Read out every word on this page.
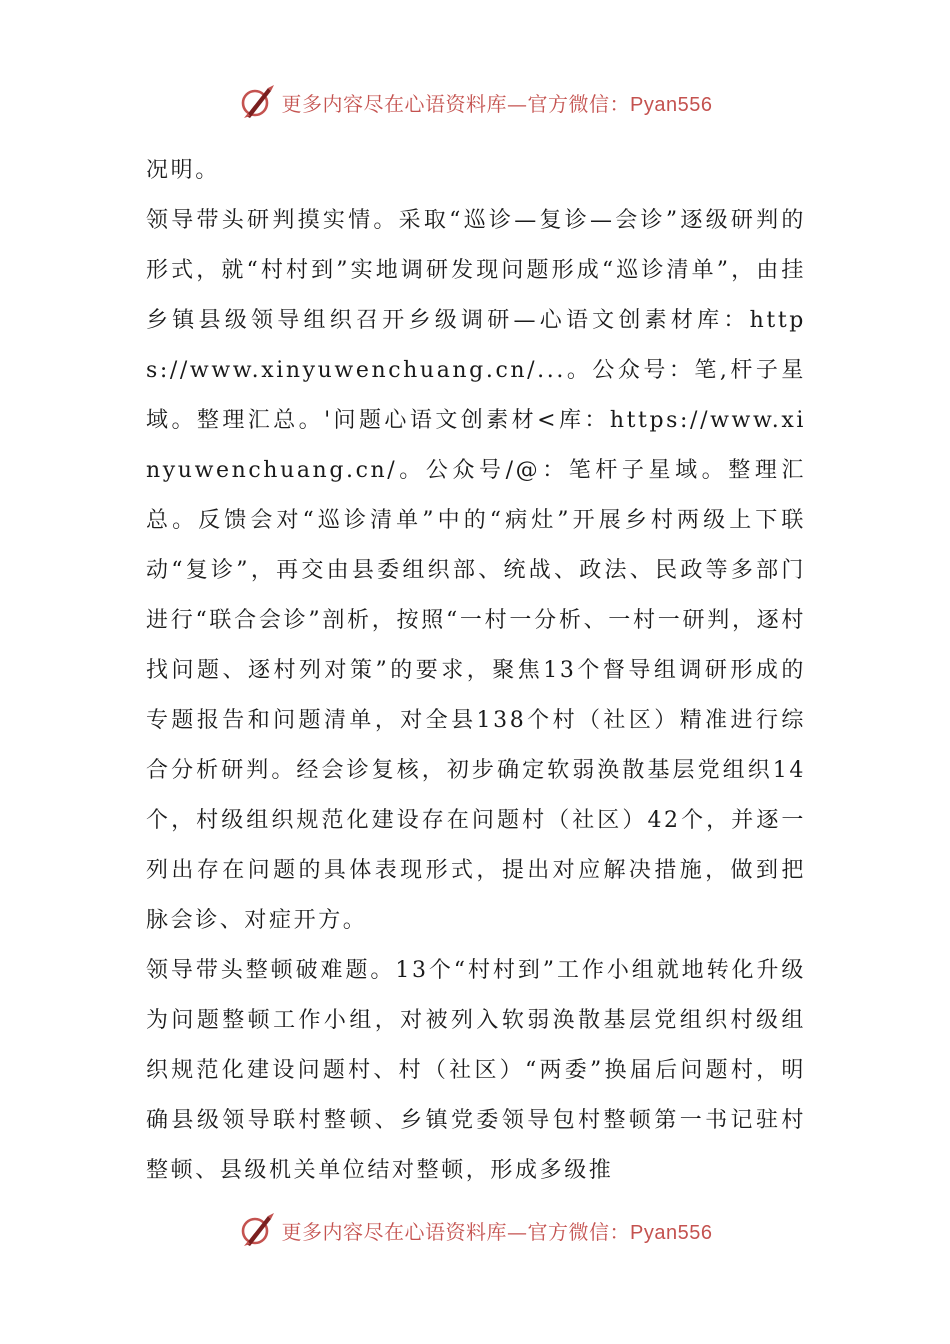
更多内容尽在心语资料库—官方微信：Pyan556

况明。

领导带头研判摸实情。采取“巡诊—复诊—会诊”逐级研判的形式，就“村村到”实地调研发现问题形成“巡诊清单”，由挂乡镇县级领导组织召开乡级调研—心语文创素材库：https://www.xinyuwenchuang.cn/...。公众号：笔,杆子星域。整理汇总。'问题心语文创素材<库：https://www.xinyuwenchuang.cn/。公众号/@：笔杆子星域。整理汇总。反馈会对“巡诊清单”中的“病灶”开展乡村两级上下联动“复诊”，再交由县委组织部、统战、政法、民政等多部门进行“联合会诊”剖析，按照“一村一分析、一村一研判，逐村找问题、逐村列对策”的要求，聚焦13个督导组调研形成的专题报告和问题清单，对全县138个村（社区）精准进行综合分析研判。经会诊复核，初步确定软弱涣散基层党组织14个，村级组织规范化建设存在问题村（社区）42个，并逐一列出存在问题的具体表现形式，提出对应解决措施，做到把脉会诊、对症开方。

领导带头整顿破难题。13个“村村到”工作小组就地转化升级为问题整顿工作小组，对被列入软弱涣散基层党组织村级组织规范化建设问题村、村（社区）“两委”换届后问题村，明确县级领导联村整顿、乡镇党委领导包村整顿第一书记驻村整顿、县级机关单位结对整顿，形成多级推

更多内容尽在心语资料库—官方微信：Pyan556
